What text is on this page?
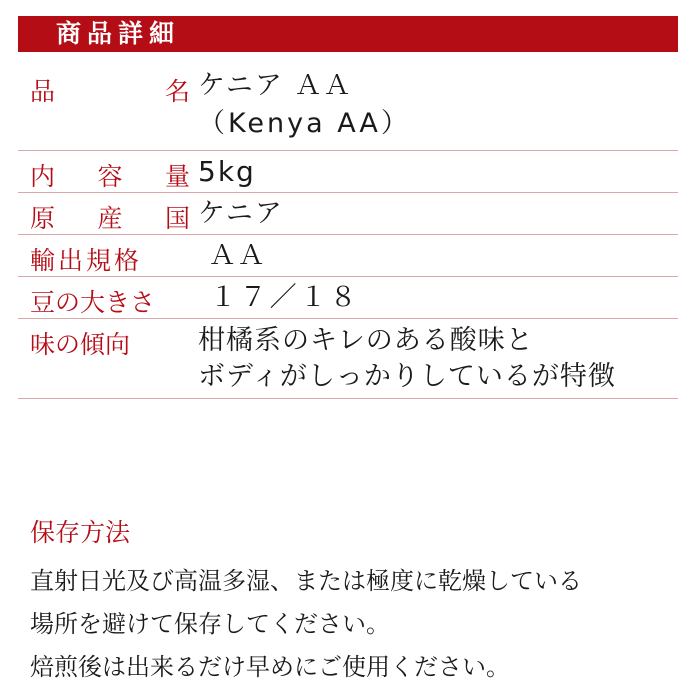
商品詳細
品	名 ケニア ＡＡ
（Kenya AA）
内 容 量 5kg
原 産 国 ケニア
輸出規格 ＡＡ
豆の大きさ １７／１８
味の傾向	柑橘系のキレのある酸味と
ボディがしっかりしているが特徴
保存方法
直射日光及び高温多湿、または極度に乾燥している
場所を避けて保存してください。
焙煎後は出来るだけ早めにご使用ください。
